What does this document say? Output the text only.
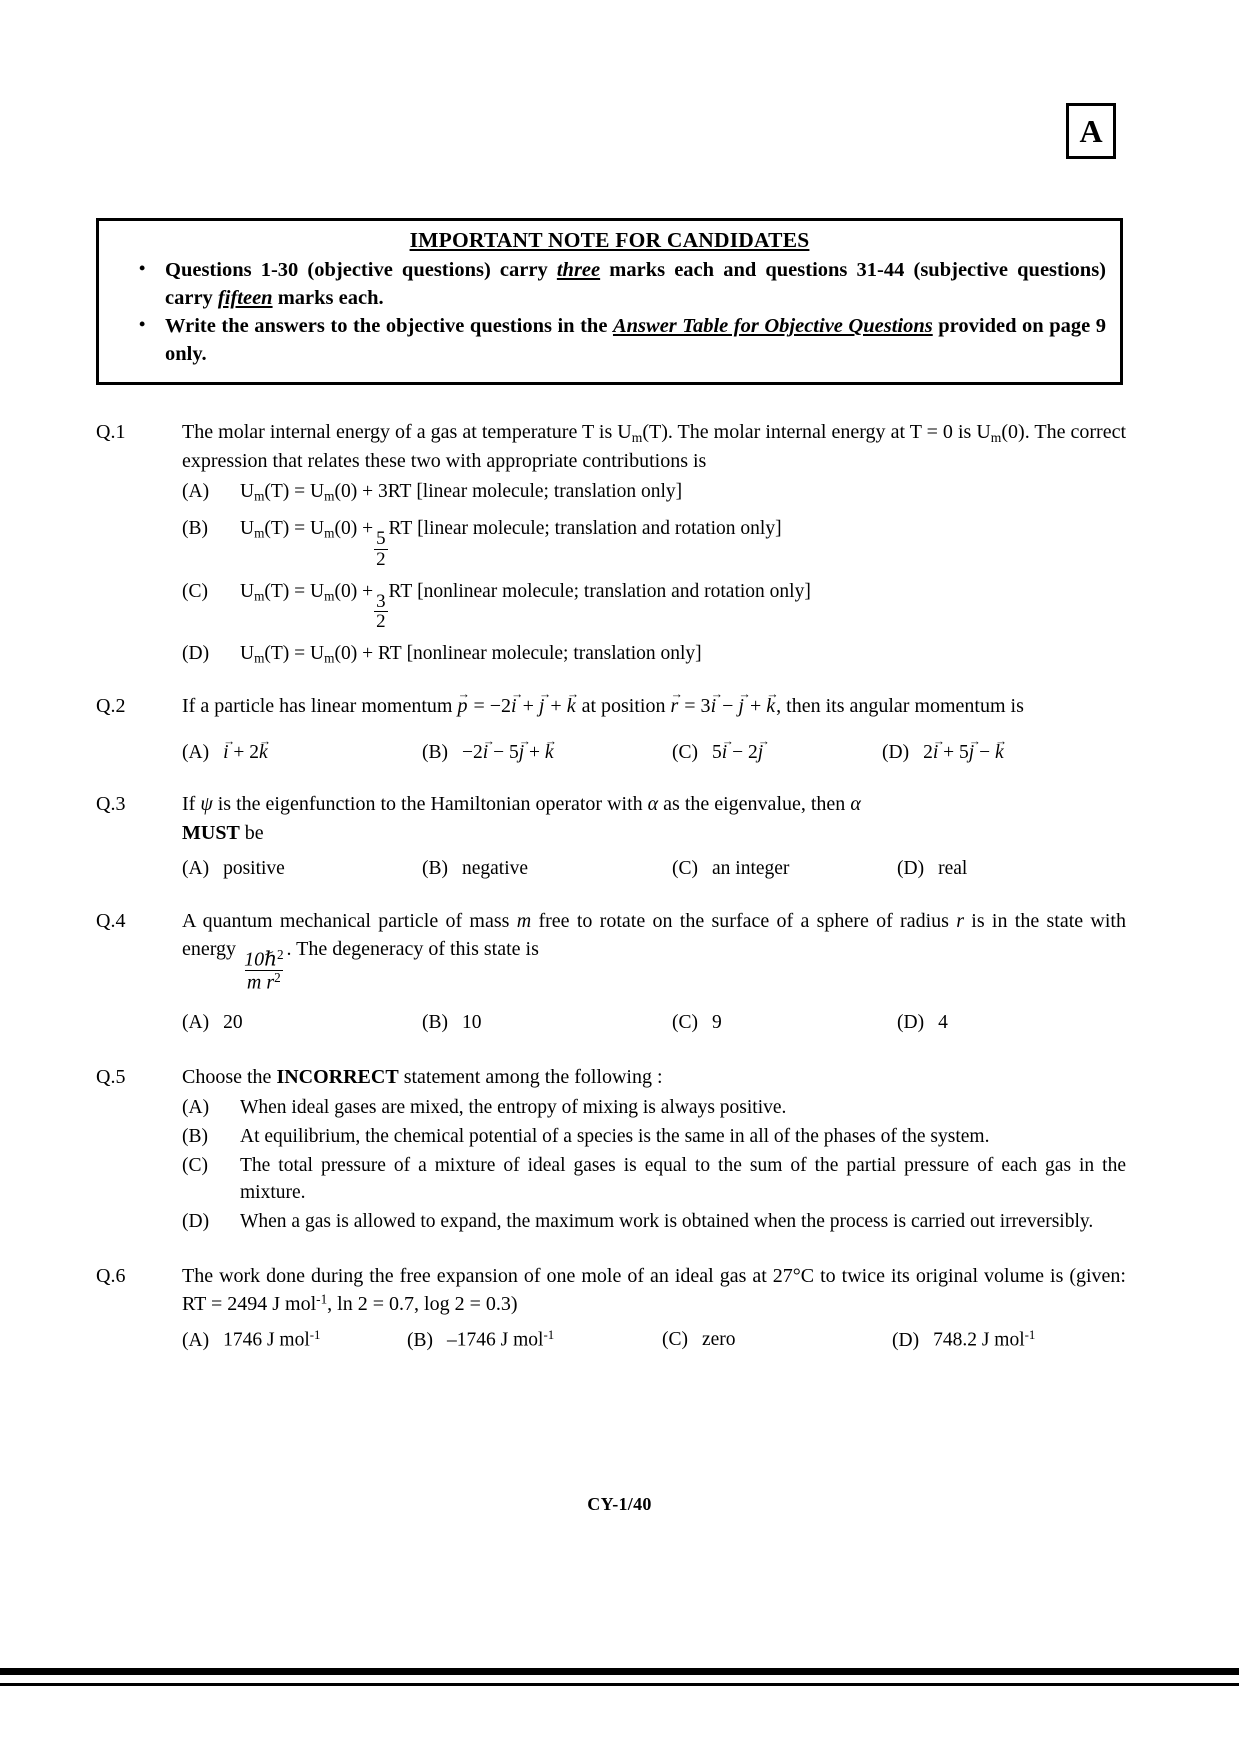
A
IMPORTANT NOTE FOR CANDIDATES
• Questions 1-30 (objective questions) carry three marks each and questions 31-44 (subjective questions) carry fifteen marks each.
• Write the answers to the objective questions in the Answer Table for Objective Questions provided on page 9 only.
Q.1	The molar internal energy of a gas at temperature T is $U_m(T)$. The molar internal energy at T = 0 is $U_m(0)$. The correct expression that relates these two with appropriate contributions is
(A) $U_m(T) = U_m(0) + 3RT$ [linear molecule; translation only]
(B) $U_m(T) = U_m(0)$ +
$\frac{5}{2}$
RT [linear molecule; translation and rotation only]
(C) $U_m(T) = U_m(0)$ +
$\frac{3}{2}$
RT [nonlinear molecule; translation and rotation only]
(D) $U_m(T) = U_m(0)$ + RT [nonlinear molecule; translation only]
Q.2	If a particle has linear momentum p → = −2i → + j → + k → at position r → = 3i → − j → + k →, then its angular momentum is
(A) i → + 2k →	(B) −2i → − 5j → + k →	(C) 5i → − 2j →	(D) 2i → + 5j → − k →
Q.3	If ψ is the eigenfunction to the Hamiltonian operator with α as the eigenvalue, then α
MUST be
(A) positive	(B) negative	(C) an integer	(D) real
Q.4	A quantum mechanical particle of mass m free to rotate on the surface of a sphere of radius r is in the state with energy $\frac{10\hbar^2}{m r^2}$ . The degeneracy of this state is
(A) 20	(B) 10	(C) 9	(D) 4
Q.5	Choose the INCORRECT statement among the following :
(A) When ideal gases are mixed, the entropy of mixing is always positive.
(B) At equilibrium, the chemical potential of a species is the same in all of the phases of the system.
(C) The total pressure of a mixture of ideal gases is equal to the sum of the partial pressure of each gas in the mixture.
(D) When a gas is allowed to expand, the maximum work is obtained when the process is carried out irreversibly.
Q.6	The work done during the free expansion of one mole of an ideal gas at 27°C to twice its original volume is (given: RT = 2494 J mol$^{-1}$, ln 2 = 0.7, log 2 = 0.3)
(A) 1746 J mol$^{-1}$	(B) –1746 J mol$^{-1}$	(C) zero	(D) 748.2 J mol$^{-1}$
CY-1/40
